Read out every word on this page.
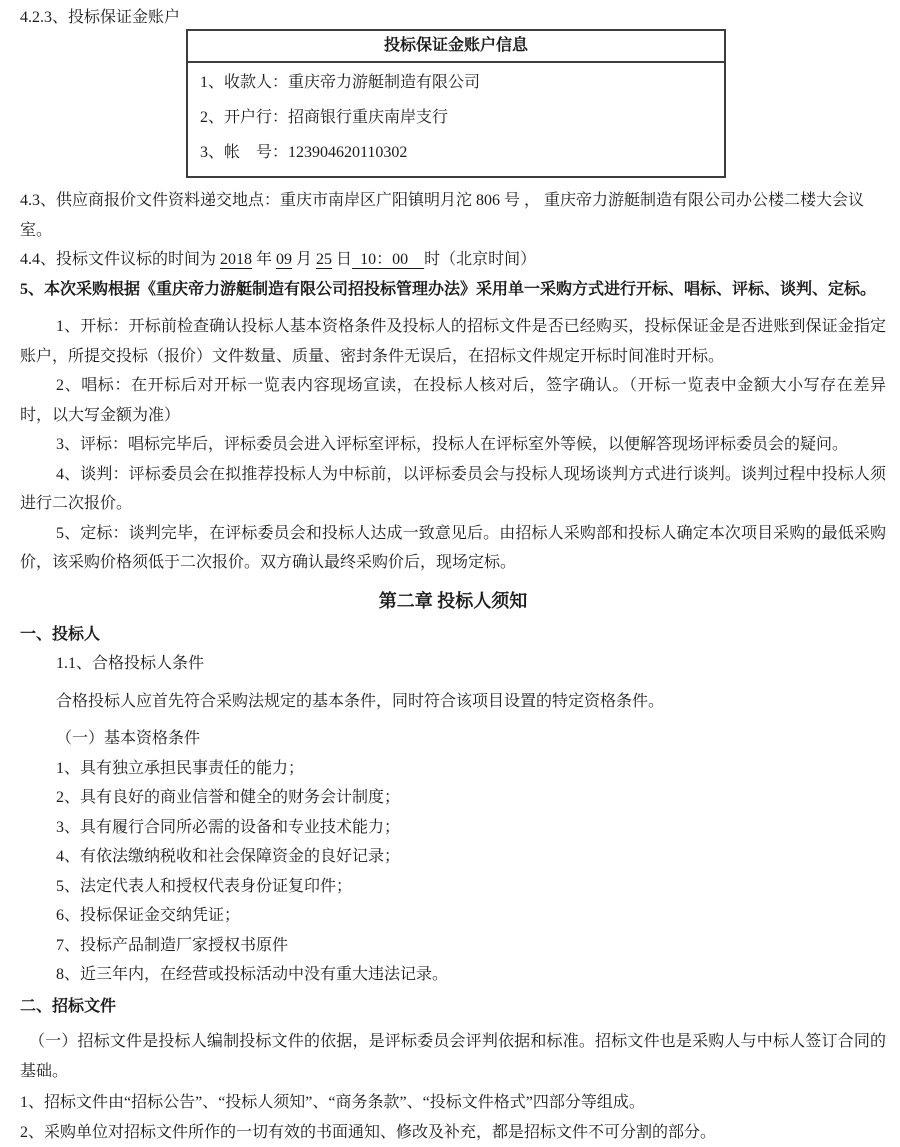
4.2.3、投标保证金账户
投标保证金账户信息

1、收款人：重庆帝力游艇制造有限公司
2、开户行：招商银行重庆南岸支行
3、帐　号：123904620110302
4.3、供应商报价文件资料递交地点：重庆市南岸区广阳镇明月沱 806 号 ， 重庆帝力游艇制造有限公司办公楼二楼大会议室。
4.4、投标文件议标的时间为 2018 年 09 月 25 日  10：00    时（北京时间）
5、本次采购根据《重庆帝力游艇制造有限公司招投标管理办法》采用单一采购方式进行开标、唱标、评标、谈判、定标。
1、开标：开标前检查确认投标人基本资格条件及投标人的招标文件是否已经购买，投标保证金是否进账到保证金指定账户，所提交投标（报价）文件数量、质量、密封条件无误后，在招标文件规定开标时间准时开标。
2、唱标：在开标后对开标一览表内容现场宣读，在投标人核对后，签字确认。（开标一览表中金额大小写存在差异时，以大写金额为准）
3、评标：唱标完毕后，评标委员会进入评标室评标，投标人在评标室外等候，以便解答现场评标委员会的疑问。
4、谈判：评标委员会在拟推荐投标人为中标前，以评标委员会与投标人现场谈判方式进行谈判。谈判过程中投标人须进行二次报价。
5、定标：谈判完毕，在评标委员会和投标人达成一致意见后。由招标人采购部和投标人确定本次项目采购的最低采购价，该采购价格须低于二次报价。双方确认最终采购价后，现场定标。
第二章 投标人须知
一、投标人
1.1、合格投标人条件
合格投标人应首先符合采购法规定的基本条件，同时符合该项目设置的特定资格条件。
（一）基本资格条件
1、具有独立承担民事责任的能力；
2、具有良好的商业信誉和健全的财务会计制度；
3、具有履行合同所必需的设备和专业技术能力；
4、有依法缴纳税收和社会保障资金的良好记录；
5、法定代表人和授权代表身份证复印件；
6、投标保证金交纳凭证；
7、投标产品制造厂家授权书原件
8、近三年内，在经营或投标活动中没有重大违法记录。
二、招标文件
（一）招标文件是投标人编制投标文件的依据，是评标委员会评判依据和标准。招标文件也是采购人与中标人签订合同的基础。
1、招标文件由“招标公告”、“投标人须知”、“商务条款”、“投标文件格式”四部分等组成。
2、采购单位对招标文件所作的一切有效的书面通知、修改及补充，都是招标文件不可分割的部分。
